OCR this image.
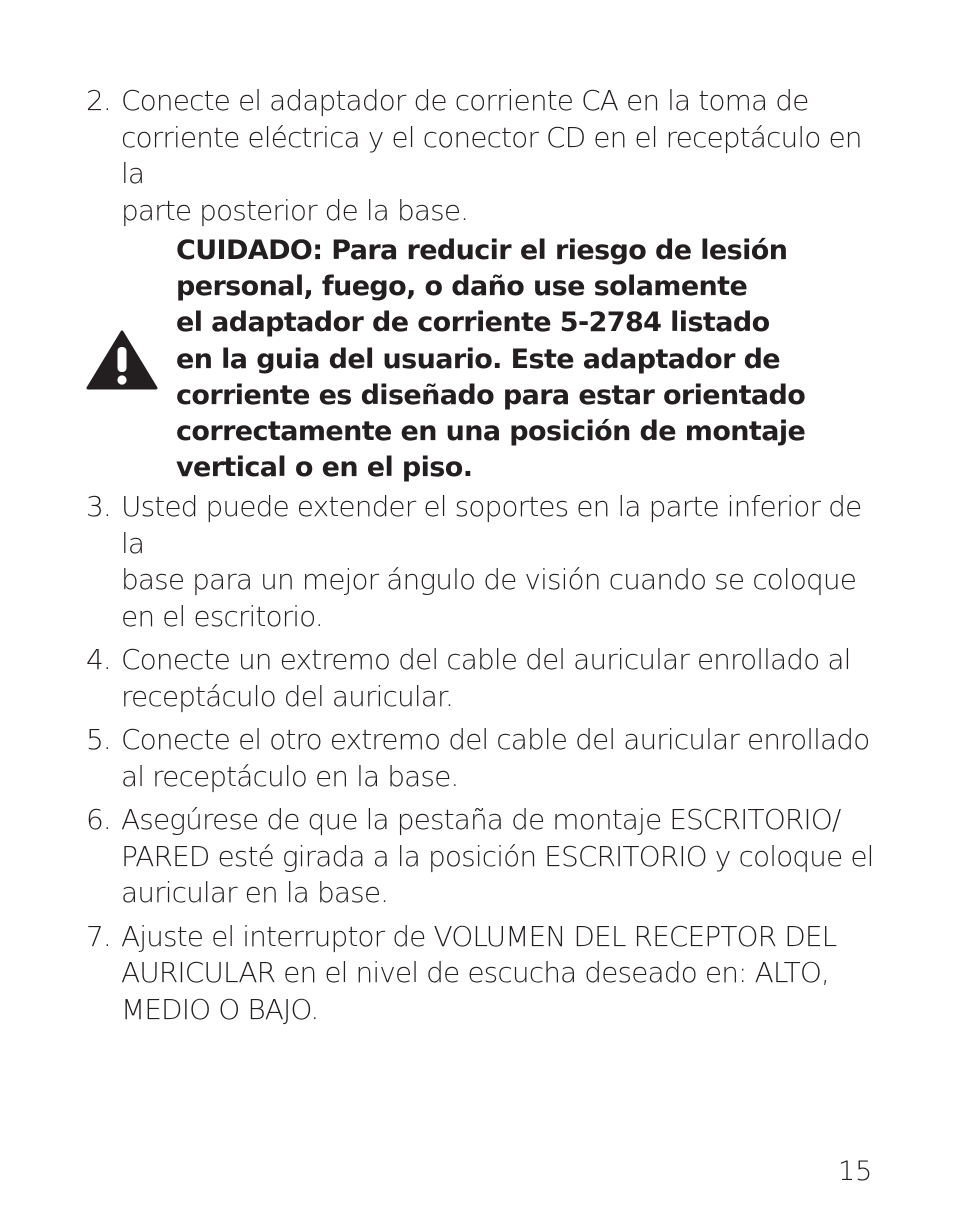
2. Conecte el adaptador de corriente CA en la toma de
corriente eléctrica y el conector CD en el receptáculo en la
parte posterior de la base.
CUIDADO: Para reducir el riesgo de lesión
personal, fuego, o daño use solamente
el adaptador de corriente 5-2784 listado
en la guia del usuario. Este adaptador de
corriente es diseñado para estar orientado
correctamente en una posición de montaje
vertical o en el piso.
3. Usted puede extender el soportes en la parte inferior de la
base para un mejor ángulo de visión cuando se coloque
en el escritorio.
4. Conecte un extremo del cable del auricular enrollado al
receptáculo del auricular.
5. Conecte el otro extremo del cable del auricular enrollado
al receptáculo en la base.
6. Asegúrese de que la pestaña de montaje ESCRITORIO/
PARED esté girada a la posición ESCRITORIO y coloque el
auricular en la base.
7. Ajuste el interruptor de VOLUMEN DEL RECEPTOR DEL
AURICULAR en el nivel de escucha deseado en: ALTO,
MEDIO O BAJO.
15
